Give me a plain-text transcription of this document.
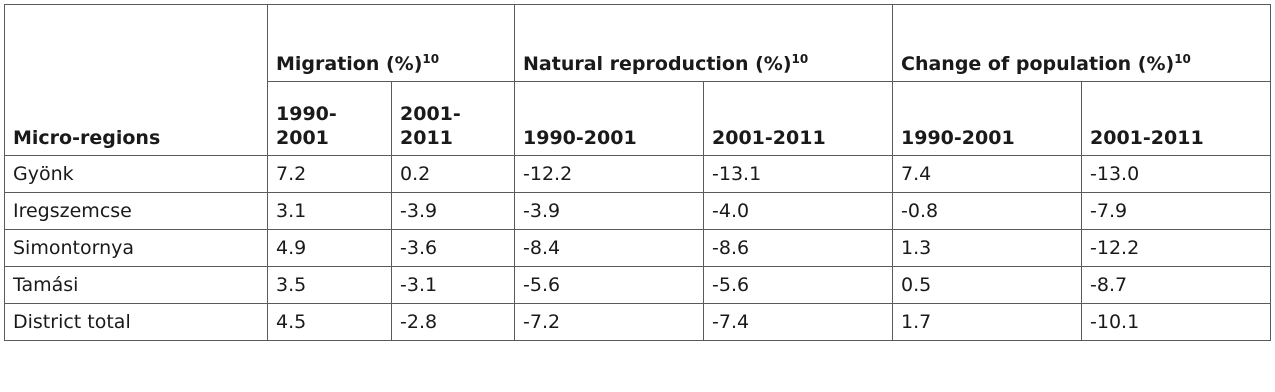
Micro-regions	Migration (%)$^{10}$		Natural reproduction (%)$^{10}$		Change of population (%)$^{10}$
	1990-2001	2001-2011	1990-2001	2001-2011	1990-2001	2001-2011
Gyönk	7.2	0.2	-12.2	-13.1	7.4	-13.0
Iregszemcse	3.1	-3.9	-3.9	-4.0	-0.8	-7.9
Simontornya	4.9	-3.6	-8.4	-8.6	1.3	-12.2
Tamási	3.5	-3.1	-5.6	-5.6	0.5	-8.7
District total	4.5	-2.8	-7.2	-7.4	1.7	-10.1
